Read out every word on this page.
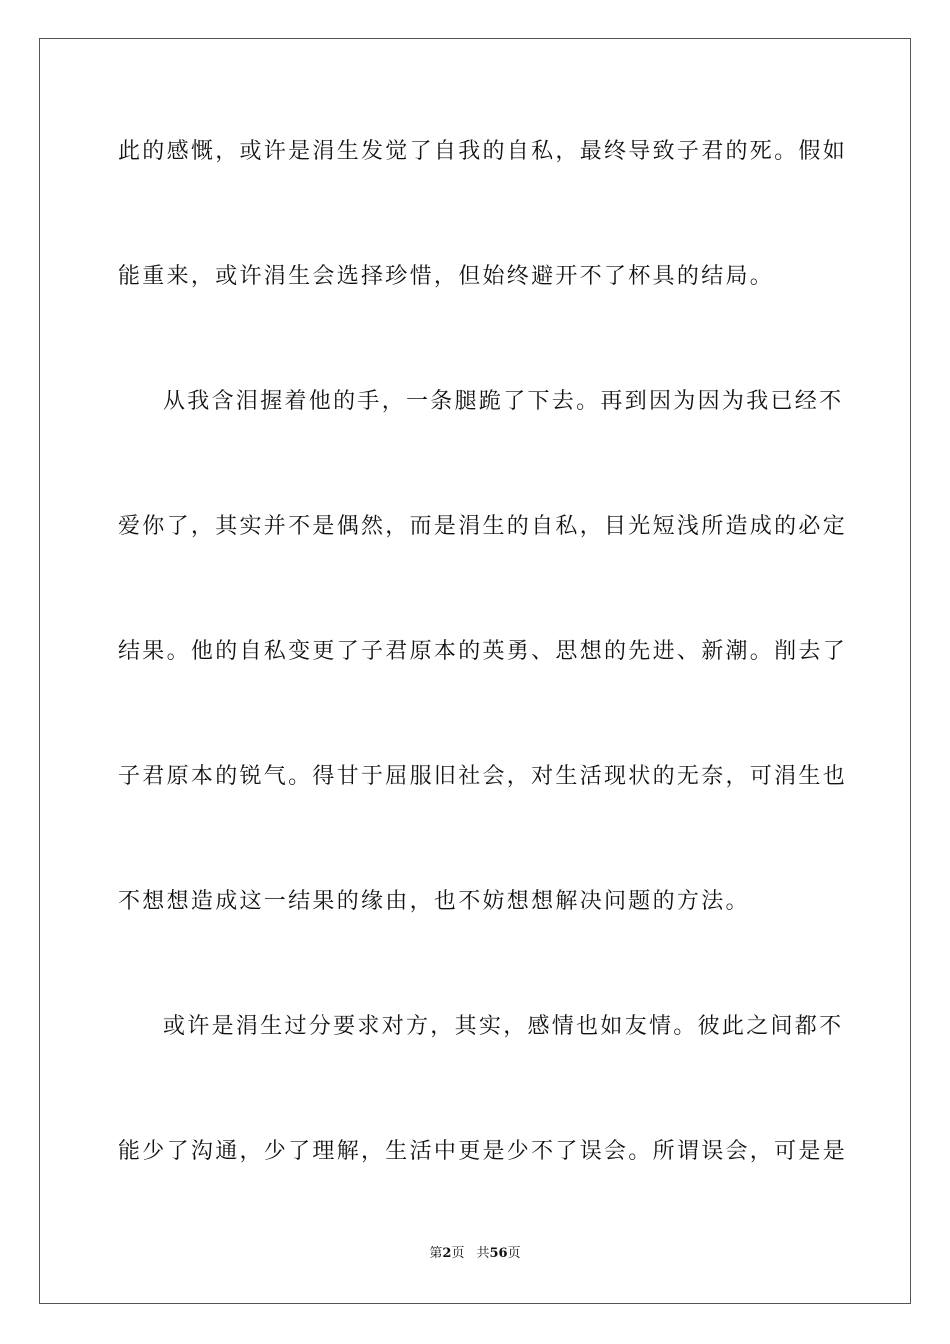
此的感慨，或许是涓生发觉了自我的自私，最终导致子君的死。假如
能重来，或许涓生会选择珍惜，但始终避开不了杯具的结局。
从我含泪握着他的手，一条腿跪了下去。再到因为因为我已经不
爱你了，其实并不是偶然，而是涓生的自私，目光短浅所造成的必定
结果。他的自私变更了子君原本的英勇、思想的先进、新潮。削去了
子君原本的锐气。得甘于屈服旧社会，对生活现状的无奈，可涓生也
不想想造成这一结果的缘由，也不妨想想解决问题的方法。
或许是涓生过分要求对方，其实，感情也如友情。彼此之间都不
能少了沟通，少了理解，生活中更是少不了误会。所谓误会，可是是
第2页 共56页
